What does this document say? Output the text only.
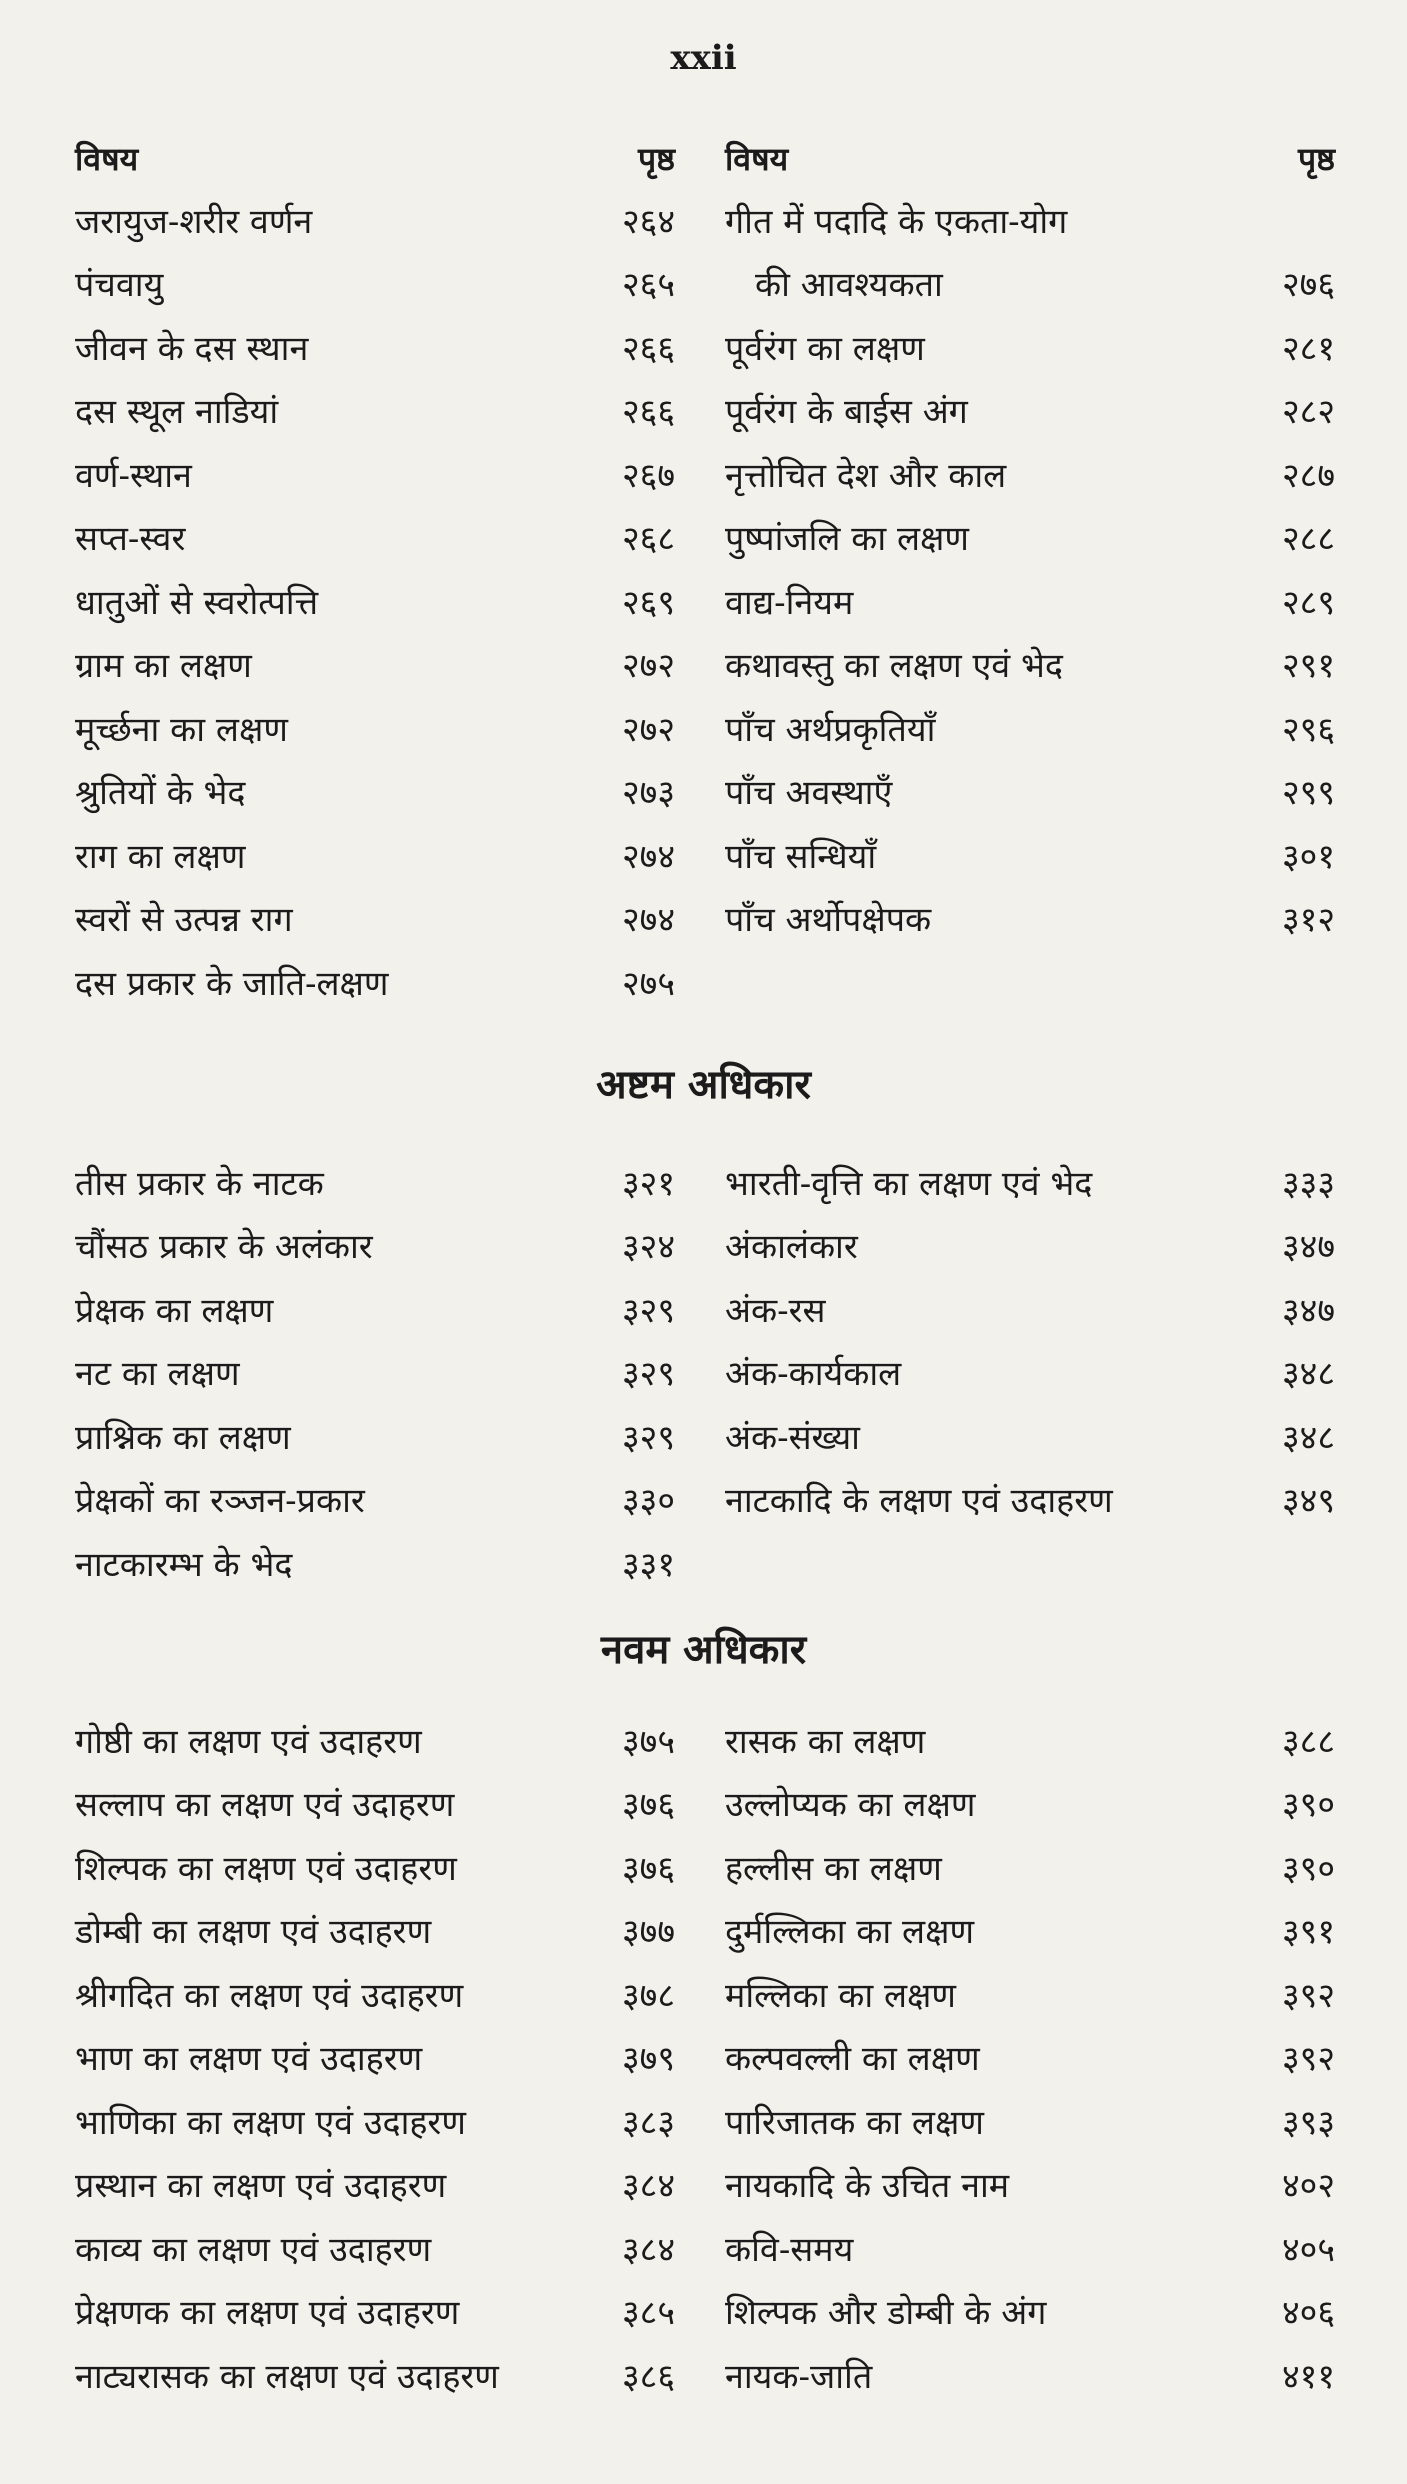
xxii
विषय	पृष्ठ
जरायुज-शरीर वर्णन	२६४
पंचवायु	२६५
जीवन के दस स्थान	२६६
दस स्थूल नाडियां	२६६
वर्ण-स्थान	२६७
सप्त-स्वर	२६८
धातुओं से स्वरोत्पत्ति	२६९
ग्राम का लक्षण	२७२
मूर्च्छना का लक्षण	२७२
श्रुतियों के भेद	२७३
राग का लक्षण	२७४
स्वरों से उत्पन्न राग	२७४
दस प्रकार के जाति-लक्षण	२७५
विषय	पृष्ठ
गीत में पदादि के एकता-योग
की आवश्यकता	२७६
पूर्वरंग का लक्षण	२८१
पूर्वरंग के बाईस अंग	२८२
नृत्तोचित देश और काल	२८७
पुष्पांजलि का लक्षण	२८८
वाद्य-नियम	२८९
कथावस्तु का लक्षण एवं भेद	२९१
पाँच अर्थप्रकृतियाँ	२९६
पाँच अवस्थाएँ	२९९
पाँच सन्धियाँ	३०१
पाँच अर्थोपक्षेपक	३१२
अष्टम अधिकार
तीस प्रकार के नाटक	३२१
चौंसठ प्रकार के अलंकार	३२४
प्रेक्षक का लक्षण	३२९
नट का लक्षण	३२९
प्राश्निक का लक्षण	३२९
प्रेक्षकों का रञ्जन-प्रकार	३३०
नाटकारम्भ के भेद	३३१
भारती-वृत्ति का लक्षण एवं भेद	३३३
अंकालंकार	३४७
अंक-रस	३४७
अंक-कार्यकाल	३४८
अंक-संख्या	३४८
नाटकादि के लक्षण एवं उदाहरण	३४९
नवम अधिकार
गोष्ठी का लक्षण एवं उदाहरण	३७५
सल्लाप का लक्षण एवं उदाहरण	३७६
शिल्पक का लक्षण एवं उदाहरण	३७६
डोम्बी का लक्षण एवं उदाहरण	३७७
श्रीगदित का लक्षण एवं उदाहरण	३७८
भाण का लक्षण एवं उदाहरण	३७९
भाणिका का लक्षण एवं उदाहरण	३८३
प्रस्थान का लक्षण एवं उदाहरण	३८४
काव्य का लक्षण एवं उदाहरण	३८४
प्रेक्षणक का लक्षण एवं उदाहरण	३८५
नाट्यरासक का लक्षण एवं उदाहरण	३८६
रासक का लक्षण	३८८
उल्लोप्यक का लक्षण	३९०
हल्लीस का लक्षण	३९०
दुर्मल्लिका का लक्षण	३९१
मल्लिका का लक्षण	३९२
कल्पवल्ली का लक्षण	३९२
पारिजातक का लक्षण	३९३
नायकादि के उचित नाम	४०२
कवि-समय	४०५
शिल्पक और डोम्बी के अंग	४०६
नायक-जाति	४११
